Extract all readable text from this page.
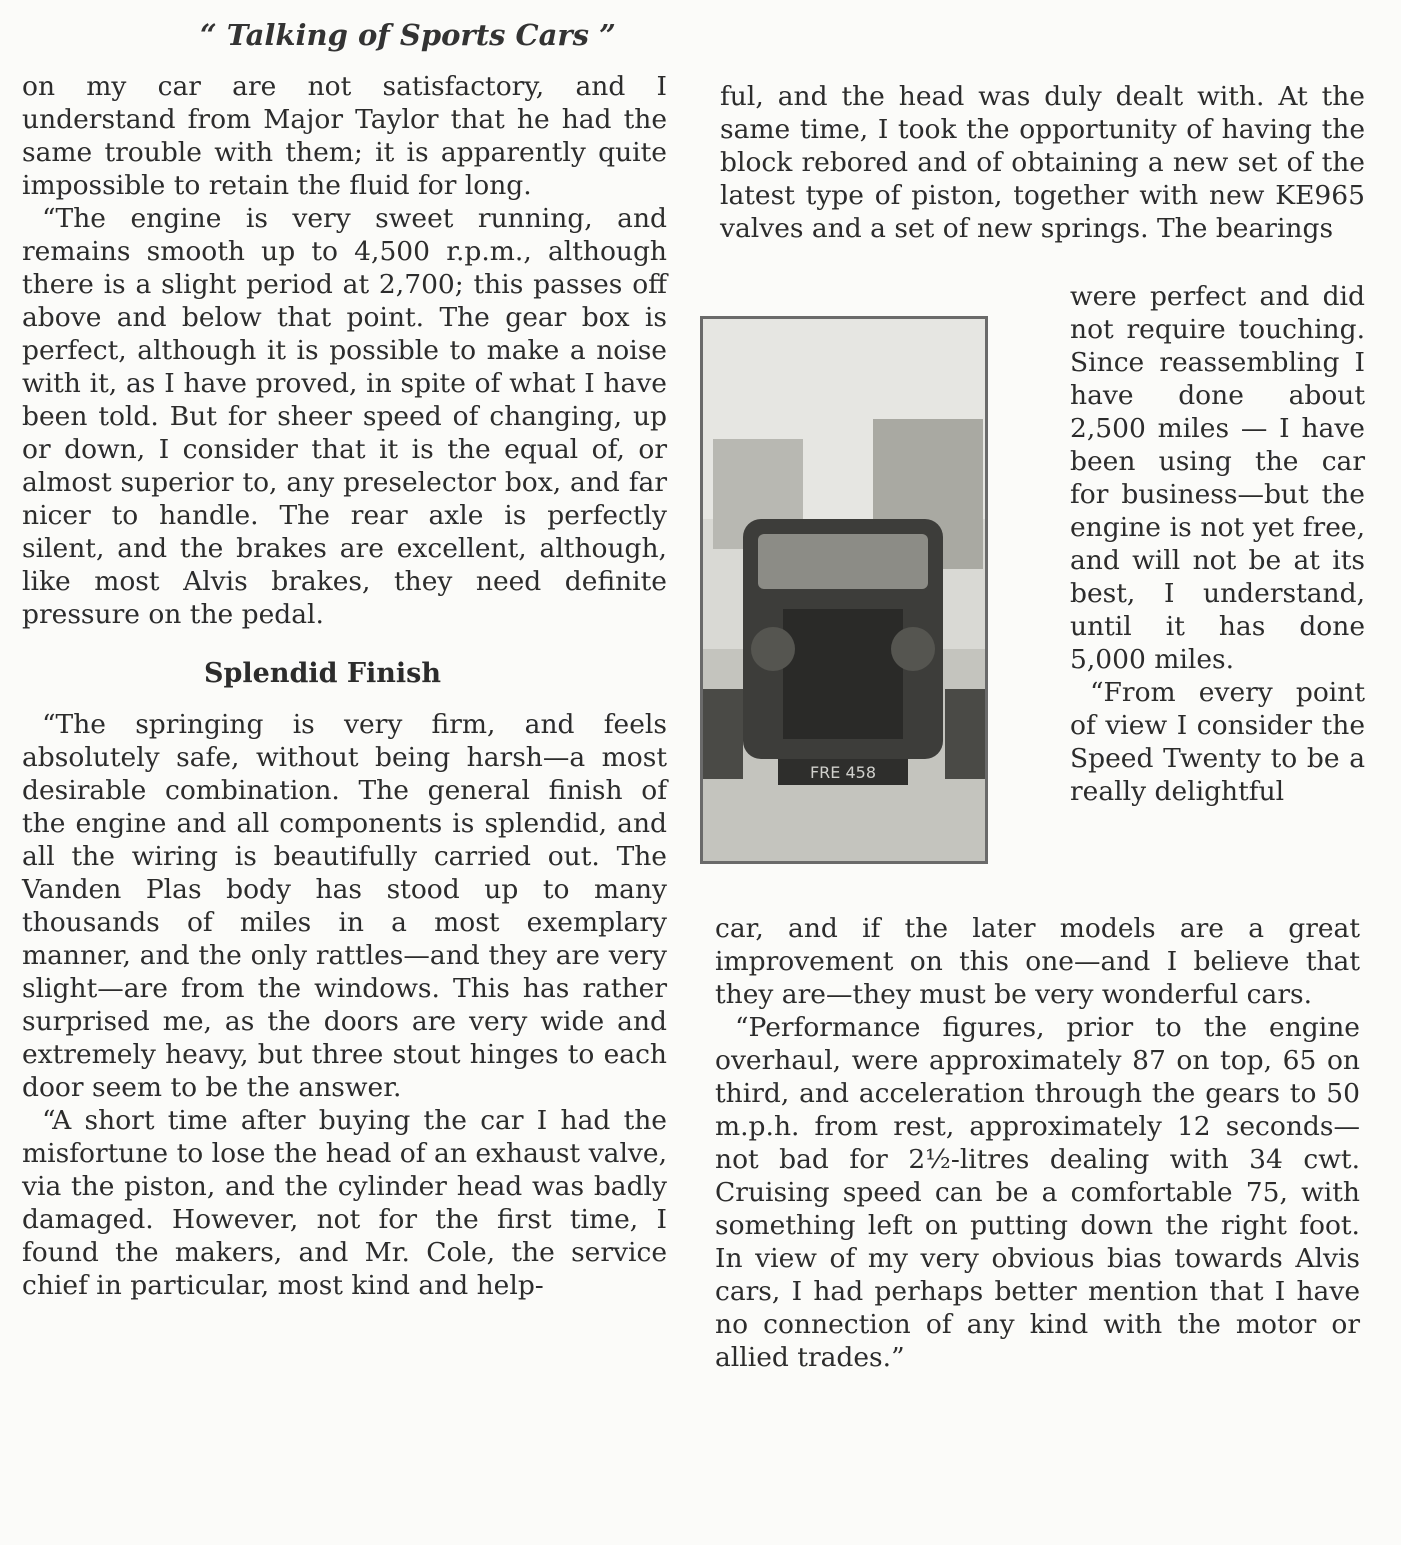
“ Talking of Sports Cars ”

on my car are not satisfactory, and I understand from Major Taylor that he had the same trouble with them; it is apparently quite impossible to retain the fluid for long.

“The engine is very sweet running, and remains smooth up to 4,500 r.p.m., although there is a slight period at 2,700; this passes off above and below that point. The gear box is perfect, although it is possible to make a noise with it, as I have proved, in spite of what I have been told. But for sheer speed of changing, up or down, I consider that it is the equal of, or almost superior to, any preselector box, and far nicer to handle. The rear axle is perfectly silent, and the brakes are excellent, although, like most Alvis brakes, they need definite pressure on the pedal.

Splendid Finish

“The springing is very firm, and feels absolutely safe, without being harsh—a most desirable combination. The general finish of the engine and all components is splendid, and all the wiring is beautifully carried out. The Vanden Plas body has stood up to many thousands of miles in a most exemplary manner, and the only rattles—and they are very slight—are from the windows. This has rather surprised me, as the doors are very wide and extremely heavy, but three stout hinges to each door seem to be the answer.

“A short time after buying the car I had the misfortune to lose the head of an exhaust valve, via the piston, and the cylinder head was badly damaged. However, not for the first time, I found the makers, and Mr. Cole, the service chief in particular, most kind and help-

ful, and the head was duly dealt with. At the same time, I took the opportunity of having the block rebored and of obtaining a new set of the latest type of piston, together with new KE965 valves and a set of new springs. The bearings

FRE 458

were perfect and did not require touching. Since reassembling I have done about 2,500 miles — I have been using the car for business—but the engine is not yet free, and will not be at its best, I understand, until it has done 5,000 miles.

“From every point of view I consider the Speed Twenty to be a really delightful

car, and if the later models are a great improvement on this one—and I believe that they are—they must be very wonderful cars.

“Performance figures, prior to the engine overhaul, were approximately 87 on top, 65 on third, and acceleration through the gears to 50 m.p.h. from rest, approximately 12 seconds—not bad for 2½-litres dealing with 34 cwt. Cruising speed can be a comfortable 75, with something left on putting down the right foot. In view of my very obvious bias towards Alvis cars, I had perhaps better mention that I have no connection of any kind with the motor or allied trades.”
